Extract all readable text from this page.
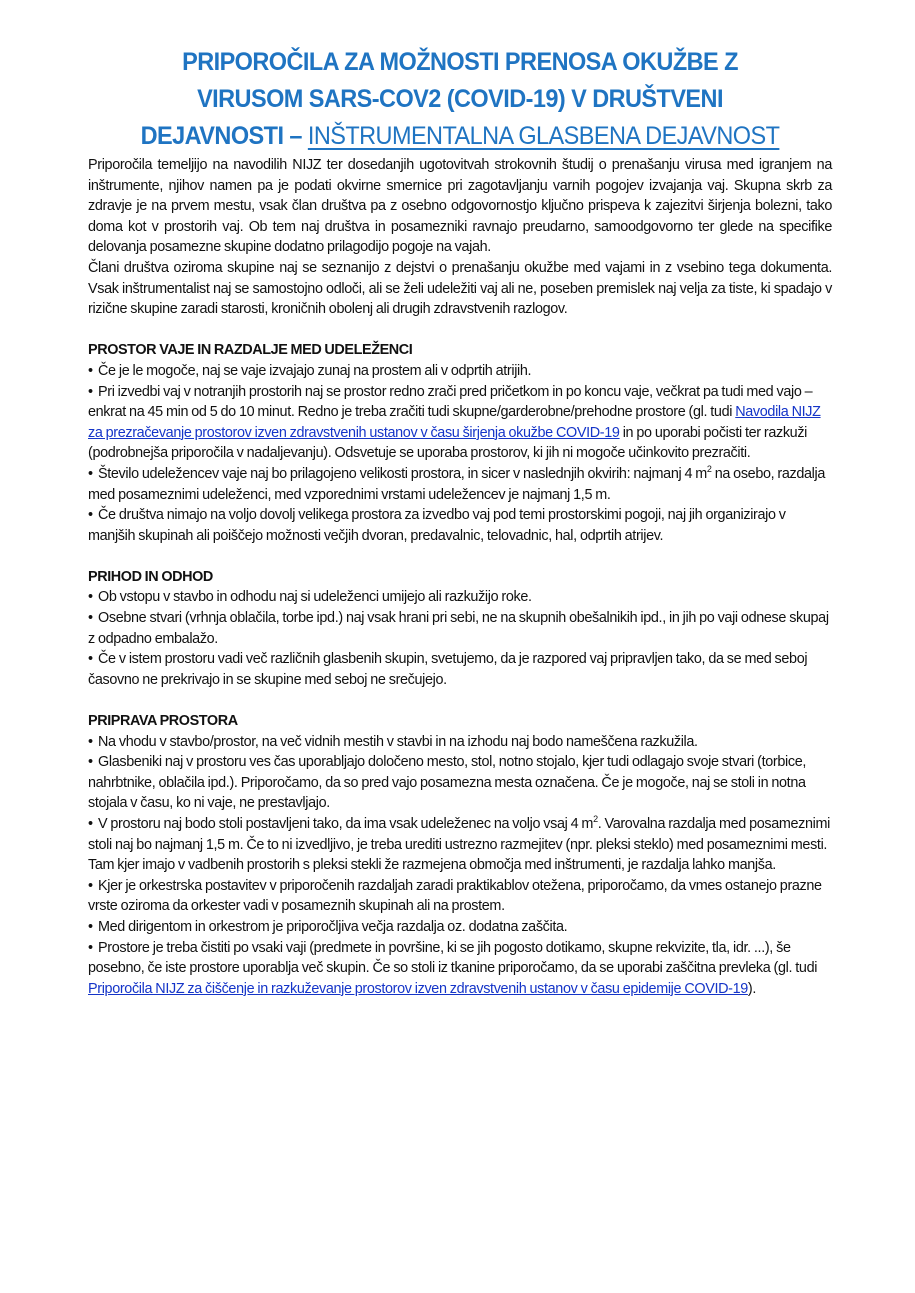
PRIPOROČILA ZA MOŽNOSTI PRENOSA OKUŽBE Z
VIRUSOM SARS-COV2 (COVID-19) V DRUŠTVENI
DEJAVNOSTI – INŠTRUMENTALNA GLASBENA DEJAVNOST

Priporočila temeljijo na navodilih NIJZ ter dosedanjih ugotovitvah strokovnih študij o prenašanju virusa med igranjem na inštrumente, njihov namen pa je podati okvirne smernice pri zagotavljanju varnih pogojev izvajanja vaj. Skupna skrb za zdravje je na prvem mestu, vsak član društva pa z osebno odgovornostjo ključno prispeva k zajezitvi širjenja bolezni, tako doma kot v prostorih vaj. Ob tem naj društva in posamezniki ravnajo preudarno, samoodgovorno ter glede na specifike delovanja posamezne skupine dodatno prilagodijo pogoje na vajah.

Člani društva oziroma skupine naj se seznanijo z dejstvi o prenašanju okužbe med vajami in z vsebino tega dokumenta. Vsak inštrumentalist naj se samostojno odloči, ali se želi udeležiti vaj ali ne, poseben premislek naj velja za tiste, ki spadajo v rizične skupine zaradi starosti, kroničnih obolenj ali drugih zdravstvenih razlogov.

PROSTOR VAJE IN RAZDALJE MED UDELEŽENCI

• Če je le mogoče, naj se vaje izvajajo zunaj na prostem ali v odprtih atrijih.

• Pri izvedbi vaj v notranjih prostorih naj se prostor redno zrači pred pričetkom in po koncu vaje, večkrat pa tudi med vajo – enkrat na 45 min od 5 do 10 minut. Redno je treba zračiti tudi skupne/garderobne/prehodne prostore (gl. tudi Navodila NIJZ za prezračevanje prostorov izven zdravstvenih ustanov v času širjenja okužbe COVID-19 in po uporabi počisti ter razkuži (podrobnejša priporočila v nadaljevanju). Odsvetuje se uporaba prostorov, ki jih ni mogoče učinkovito prezračiti.

• Število udeležencev vaje naj bo prilagojeno velikosti prostora, in sicer v naslednjih okvirih: najmanj 4 $m^2$ na osebo, razdalja med posameznimi udeleženci, med vzporednimi vrstami udeležencev je najmanj 1,5 m.

• Če društva nimajo na voljo dovolj velikega prostora za izvedbo vaj pod temi prostorskimi pogoji, naj jih organizirajo v manjših skupinah ali poiščejo možnosti večjih dvoran, predavalnic, telovadnic, hal, odprtih atrijev.

PRIHOD IN ODHOD

• Ob vstopu v stavbo in odhodu naj si udeleženci umijejo ali razkužijo roke.

• Osebne stvari (vrhnja oblačila, torbe ipd.) naj vsak hrani pri sebi, ne na skupnih obešalnikih ipd., in jih po vaji odnese skupaj z odpadno embalažo.

• Če v istem prostoru vadi več različnih glasbenih skupin, svetujemo, da je razpored vaj pripravljen tako, da se med seboj časovno ne prekrivajo in se skupine med seboj ne srečujejo.

PRIPRAVA PROSTORA

• Na vhodu v stavbo/prostor, na več vidnih mestih v stavbi in na izhodu naj bodo nameščena razkužila.

• Glasbeniki naj v prostoru ves čas uporabljajo določeno mesto, stol, notno stojalo, kjer tudi odlagajo svoje stvari (torbice, nahrbtnike, oblačila ipd.). Priporočamo, da so pred vajo posamezna mesta označena. Če je mogoče, naj se stoli in notna stojala v času, ko ni vaje, ne prestavljajo.

• V prostoru naj bodo stoli postavljeni tako, da ima vsak udeleženec na voljo vsaj 4 $m^2$. Varovalna razdalja med posameznimi stoli naj bo najmanj 1,5 m. Če to ni izvedljivo, je treba urediti ustrezno razmejitev (npr. pleksi steklo) med posameznimi mesti. Tam kjer imajo v vadbenih prostorih s pleksi stekli že razmejena območja med inštrumenti, je razdalja lahko manjša.

• Kjer je orkestrska postavitev v priporočenih razdaljah zaradi praktikablov otežena, priporočamo, da vmes ostanejo prazne vrste oziroma da orkester vadi v posameznih skupinah ali na prostem.

• Med dirigentom in orkestrom je priporočljiva večja razdalja oz. dodatna zaščita.

• Prostore je treba čistiti po vsaki vaji (predmete in površine, ki se jih pogosto dotikamo, skupne rekvizite, tla, idr. ...), še posebno, če iste prostore uporablja več skupin. Če so stoli iz tkanine priporočamo, da se uporabi zaščitna prevleka (gl. tudi Priporočila NIJZ za čiščenje in razkuževanje prostorov izven zdravstvenih ustanov v času epidemije COVID-19).
